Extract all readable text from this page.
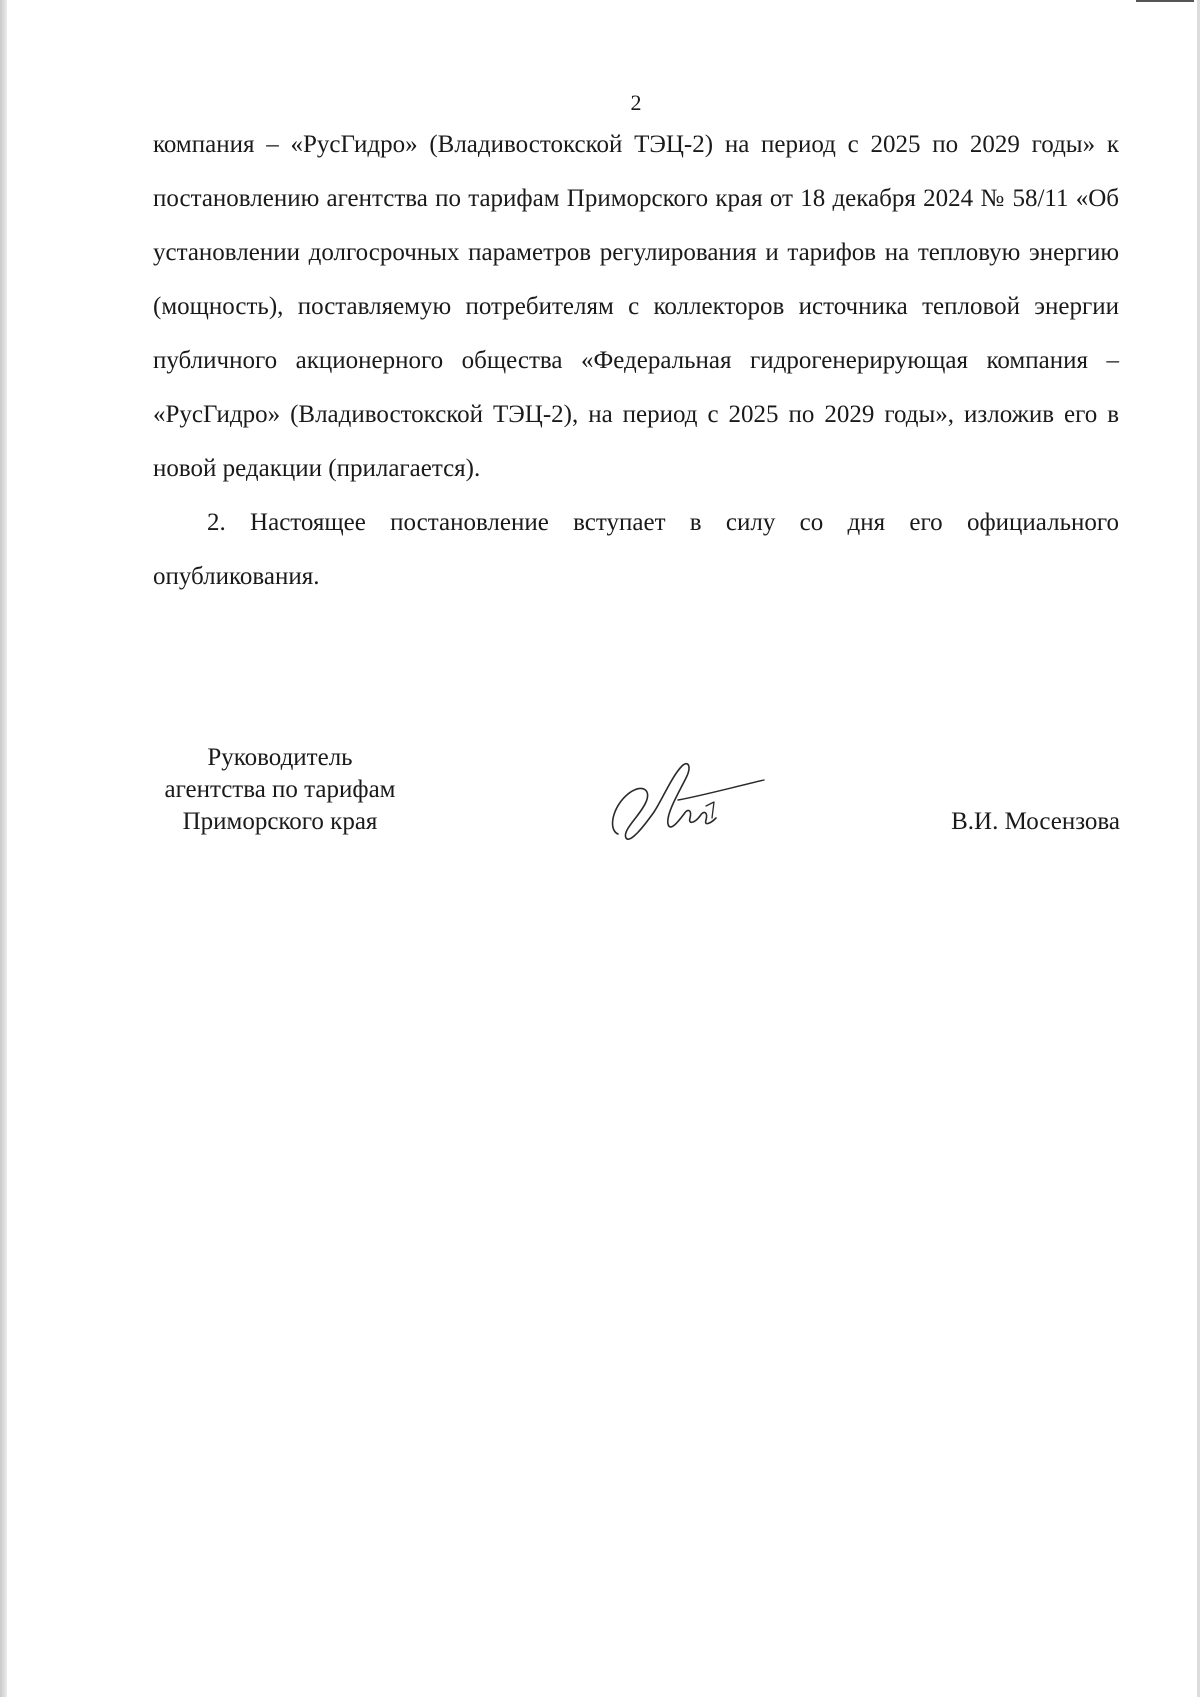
2

компания – «РусГидро» (Владивостокской ТЭЦ-2) на период с 2025 по 2029 годы» к постановлению агентства по тарифам Приморского края от 18 декабря 2024 № 58/11 «Об установлении долгосрочных параметров регулирования и тарифов на тепловую энергию (мощность), поставляемую потребителям с коллекторов источника тепловой энергии публичного акционерного общества «Федеральная гидрогенерирующая компания – «РусГидро» (Владивостокской ТЭЦ-2), на период с 2025 по 2029 годы», изложив его в новой редакции (прилагается).

2. Настоящее постановление вступает в силу со дня его официального опубликования.

Руководитель
агентства по тарифам
Приморского края	В.И. Мосензова
